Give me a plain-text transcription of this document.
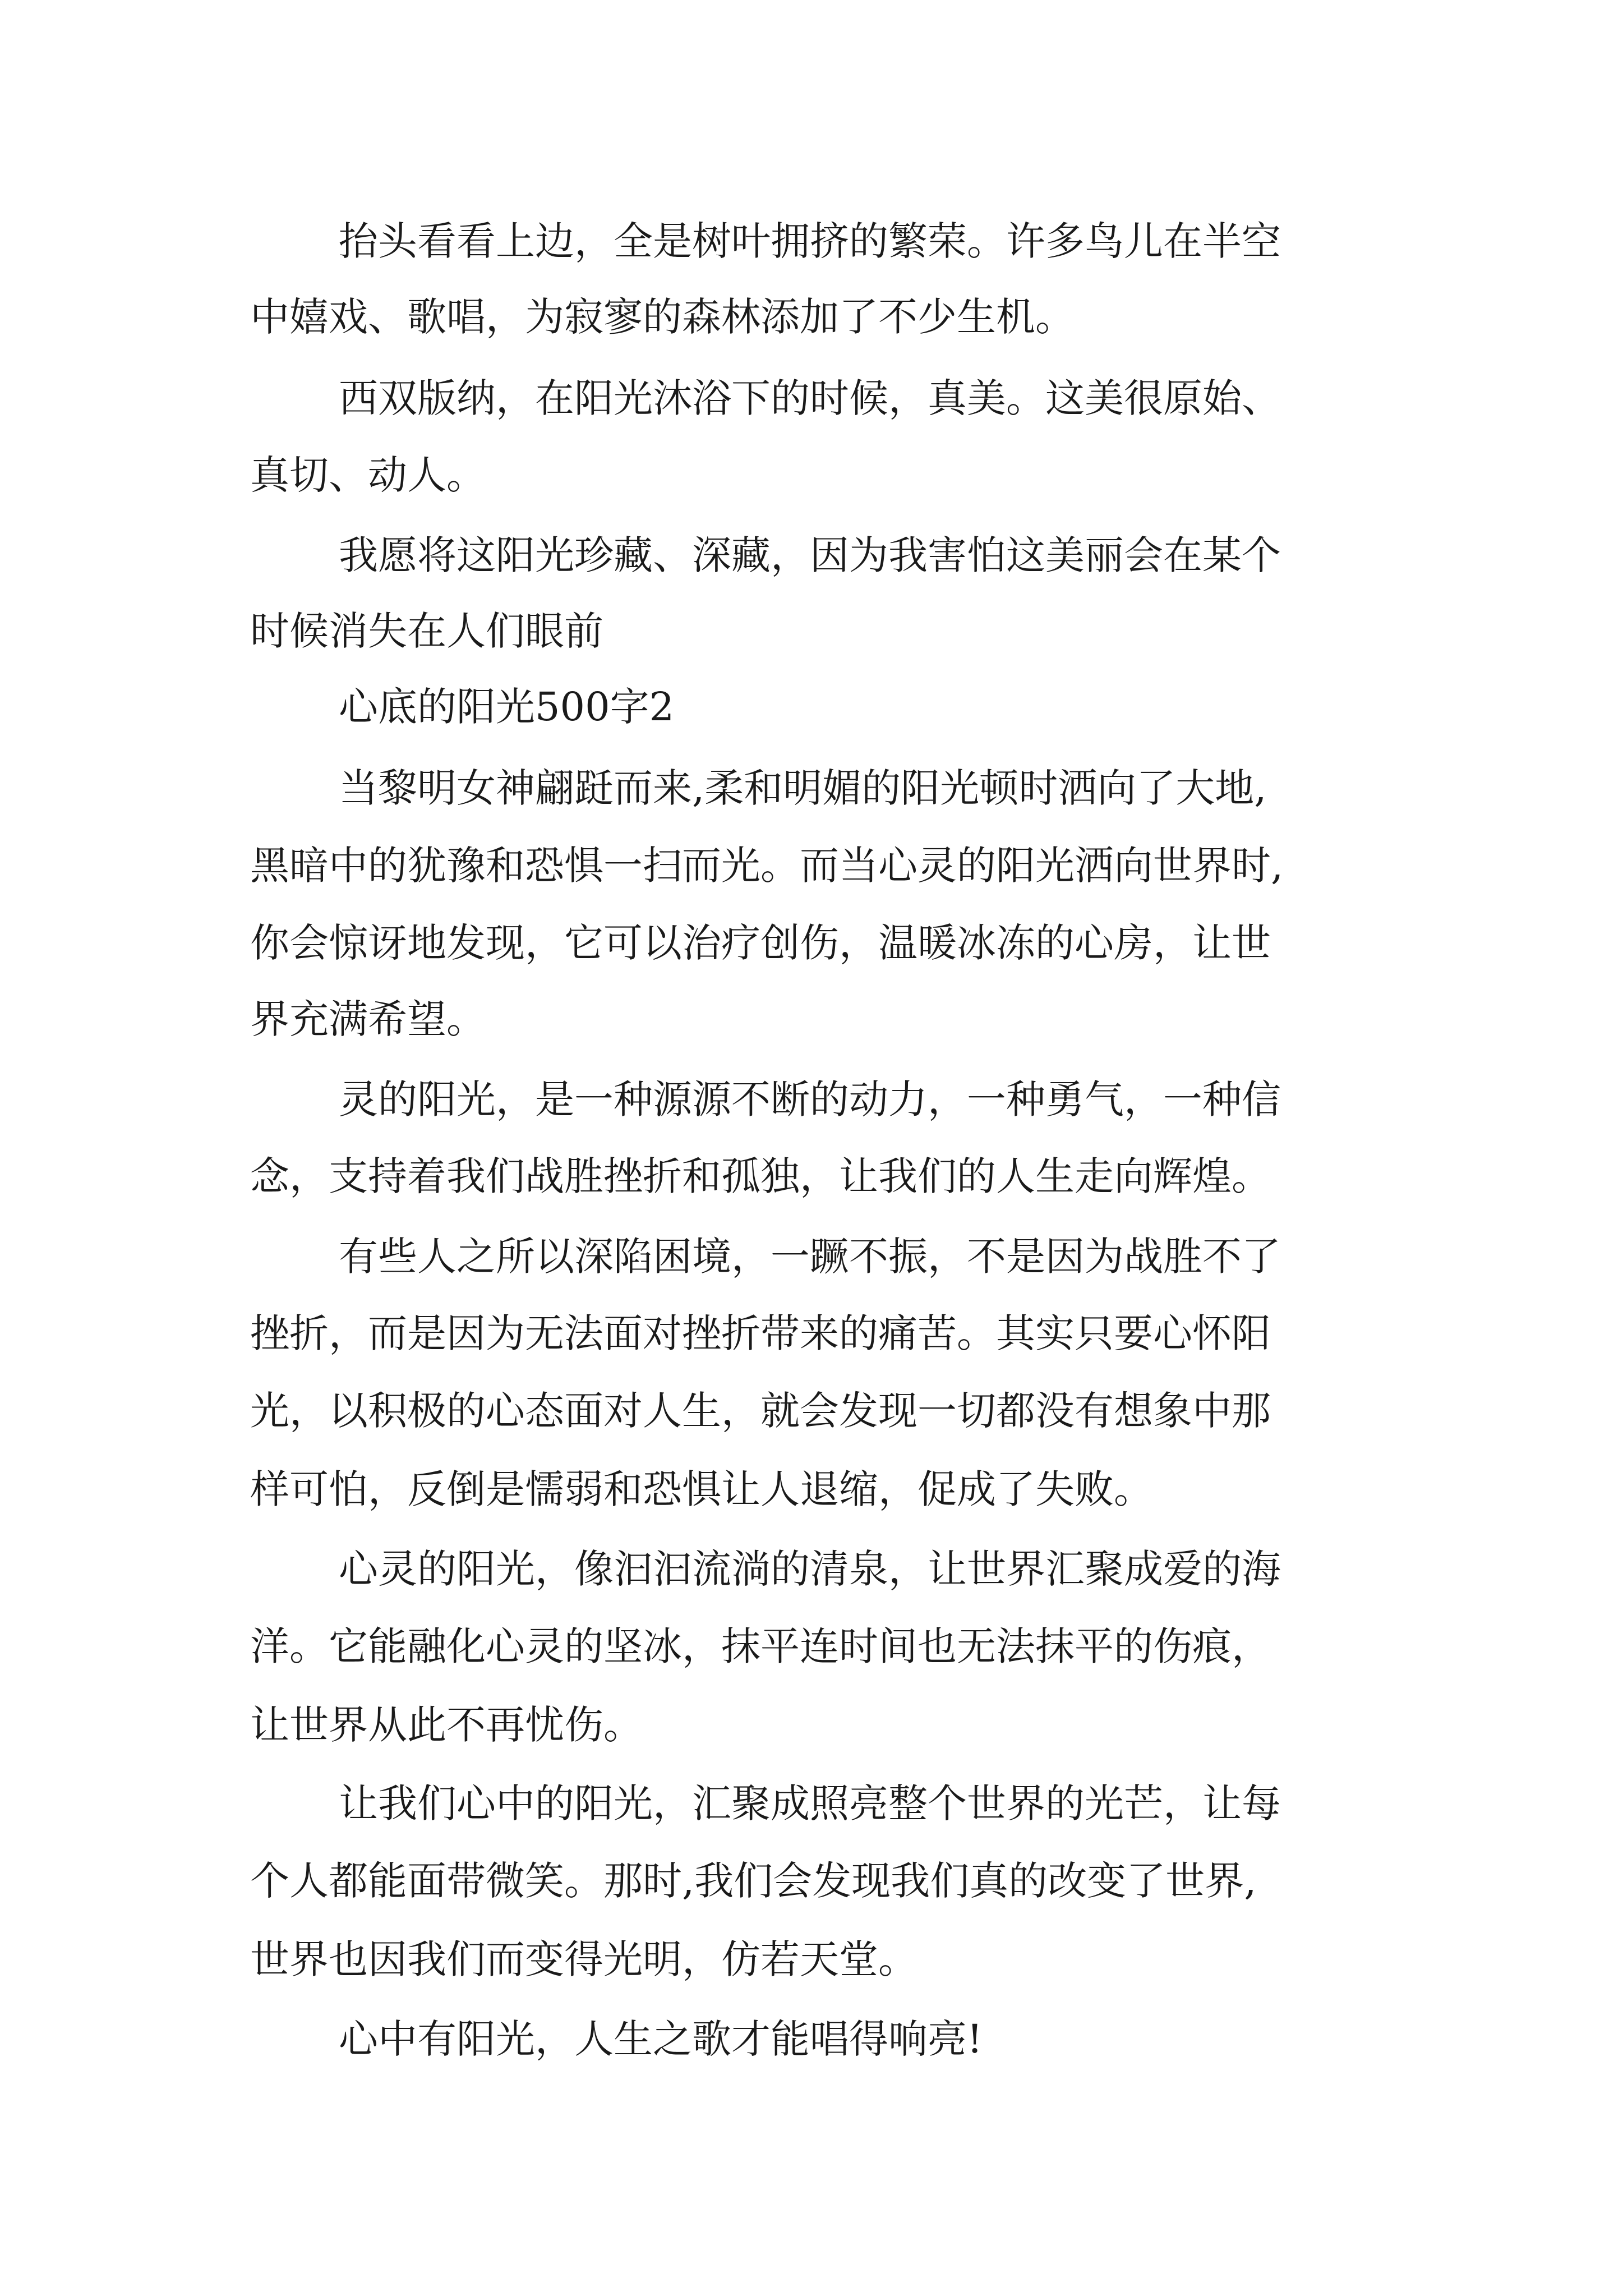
抬头看看上边，全是树叶拥挤的繁荣。许多鸟儿在半空

中嬉戏、歌唱，为寂寥的森林添加了不少生机。

西双版纳，在阳光沐浴下的时候，真美。这美很原始、

真切、动人。

我愿将这阳光珍藏、深藏，因为我害怕这美丽会在某个

时候消失在人们眼前

心底的阳光500字2

当黎明女神翩跹而来,柔和明媚的阳光顿时洒向了大地,

黑暗中的犹豫和恐惧一扫而光。而当心灵的阳光洒向世界时,

你会惊讶地发现，它可以治疗创伤，温暖冰冻的心房，让世

界充满希望。

灵的阳光，是一种源源不断的动力，一种勇气，一种信

念，支持着我们战胜挫折和孤独，让我们的人生走向辉煌。

有些人之所以深陷困境，一蹶不振，不是因为战胜不了

挫折，而是因为无法面对挫折带来的痛苦。其实只要心怀阳

光，以积极的心态面对人生，就会发现一切都没有想象中那

样可怕，反倒是懦弱和恐惧让人退缩，促成了失败。

心灵的阳光，像汩汩流淌的清泉，让世界汇聚成爱的海

洋。它能融化心灵的坚冰，抹平连时间也无法抹平的伤痕，

让世界从此不再忧伤。

让我们心中的阳光，汇聚成照亮整个世界的光芒，让每

个人都能面带微笑。那时,我们会发现我们真的改变了世界,

世界也因我们而变得光明，仿若天堂。

心中有阳光，人生之歌才能唱得响亮!
